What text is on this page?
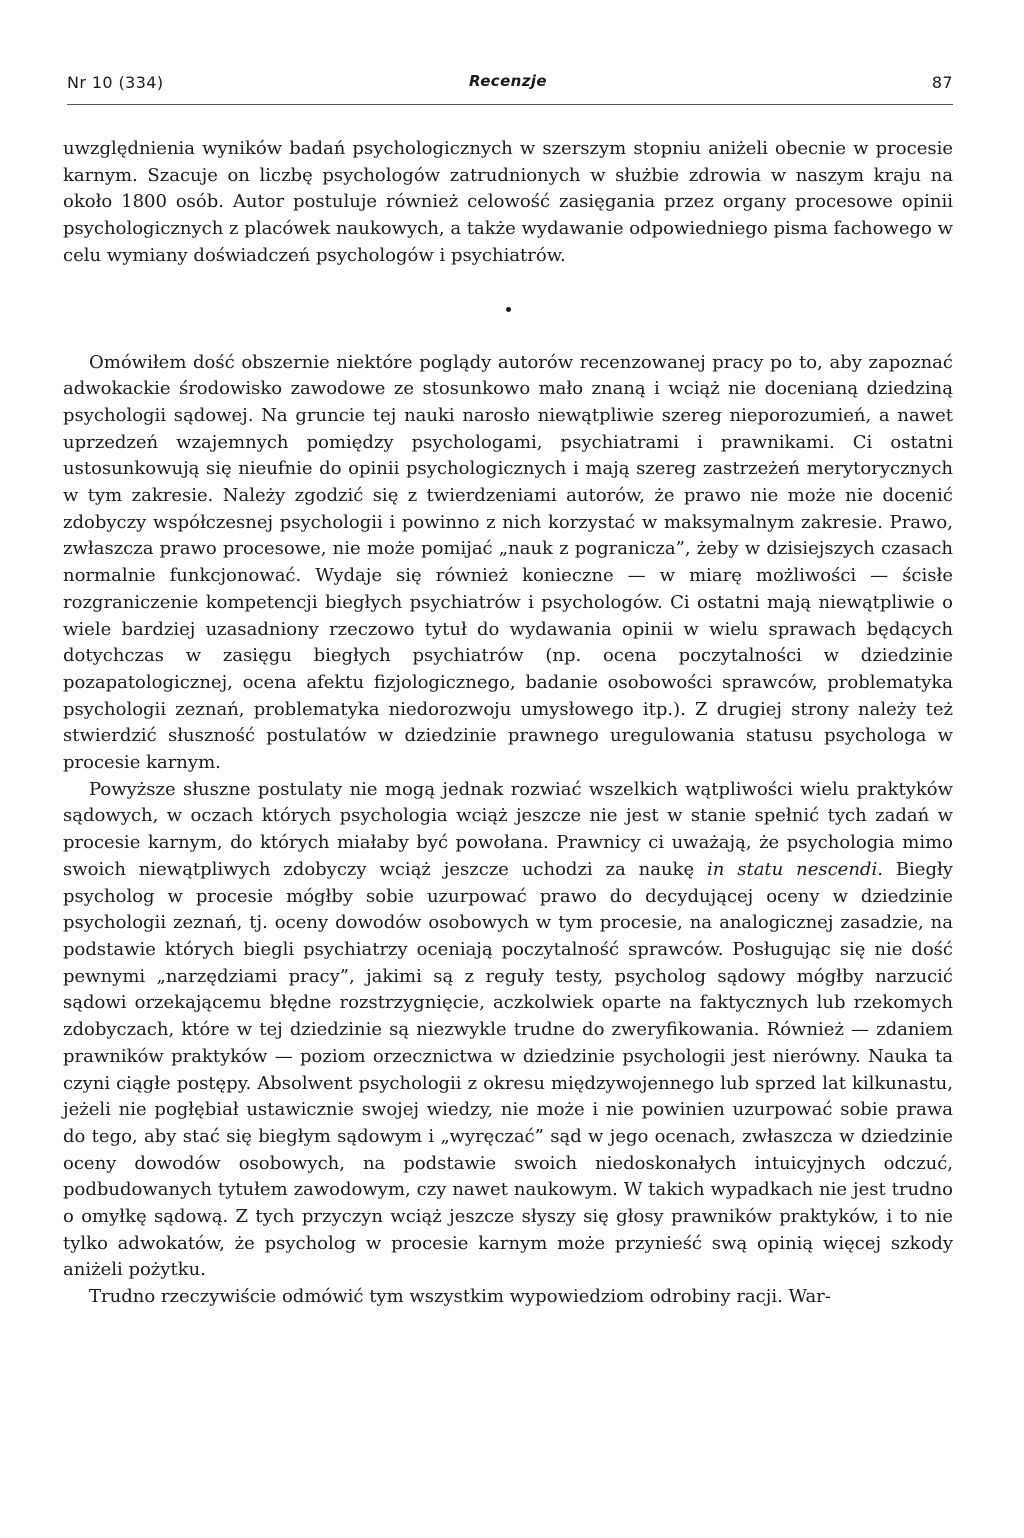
Nr 10 (334)	Recenzje	87

uwzględnienia wyników badań psychologicznych w szerszym stopniu aniżeli obecnie w procesie karnym. Szacuje on liczbę psychologów zatrudnionych w służbie zdrowia w naszym kraju na około 1800 osób. Autor postuluje również celowość zasięgania przez organy procesowe opinii psychologicznych z placówek naukowych, a także wydawanie odpowiedniego pisma fachowego w celu wymiany doświadczeń psychologów i psychiatrów.

Omówiłem dość obszernie niektóre poglądy autorów recenzowanej pracy po to, aby zapoznać adwokackie środowisko zawodowe ze stosunkowo mało znaną i wciąż nie docenianą dziedziną psychologii sądowej. Na gruncie tej nauki narosło niewątpliwie szereg nieporozumień, a nawet uprzedzeń wzajemnych pomiędzy psychologami, psychiatrami i prawnikami. Ci ostatni ustosunkowują się nieufnie do opinii psychologicznych i mają szereg zastrzeżeń merytorycznych w tym zakresie. Należy zgodzić się z twierdzeniami autorów, że prawo nie może nie docenić zdobyczy współczesnej psychologii i powinno z nich korzystać w maksymalnym zakresie. Prawo, zwłaszcza prawo procesowe, nie może pomijać „nauk z pogranicza”, żeby w dzisiejszych czasach normalnie funkcjonować. Wydaje się również konieczne — w miarę możliwości — ścisłe rozgraniczenie kompetencji biegłych psychiatrów i psychologów. Ci ostatni mają niewątpliwie o wiele bardziej uzasadniony rzeczowo tytuł do wydawania opinii w wielu sprawach będących dotychczas w zasięgu biegłych psychiatrów (np. ocena poczytalności w dziedzinie pozapatologicznej, ocena afektu fizjologicznego, badanie osobowości sprawców, problematyka psychologii zeznań, problematyka niedorozwoju umysłowego itp.). Z drugiej strony należy też stwierdzić słuszność postulatów w dziedzinie prawnego uregulowania statusu psychologa w procesie karnym.

Powyższe słuszne postulaty nie mogą jednak rozwiać wszelkich wątpliwości wielu praktyków sądowych, w oczach których psychologia wciąż jeszcze nie jest w stanie spełnić tych zadań w procesie karnym, do których miałaby być powołana. Prawnicy ci uważają, że psychologia mimo swoich niewątpliwych zdobyczy wciąż jeszcze uchodzi za naukę in statu nescendi. Biegły psycholog w procesie mógłby sobie uzurpować prawo do decydującej oceny w dziedzinie psychologii zeznań, tj. oceny dowodów osobowych w tym procesie, na analogicznej zasadzie, na podstawie których biegli psychiatrzy oceniają poczytalność sprawców. Posługując się nie dość pewnymi „narzędziami pracy”, jakimi są z reguły testy, psycholog sądowy mógłby narzucić sądowi orzekającemu błędne rozstrzygnięcie, aczkolwiek oparte na faktycznych lub rzekomych zdobyczach, które w tej dziedzinie są niezwykle trudne do zweryfikowania. Również — zdaniem prawników praktyków — poziom orzecznictwa w dziedzinie psychologii jest nierówny. Nauka ta czyni ciągłe postępy. Absolwent psychologii z okresu międzywojennego lub sprzed lat kilkunastu, jeżeli nie pogłębiał ustawicznie swojej wiedzy, nie może i nie powinien uzurpować sobie prawa do tego, aby stać się biegłym sądowym i „wyręczać” sąd w jego ocenach, zwłaszcza w dziedzinie oceny dowodów osobowych, na podstawie swoich niedoskonałych intuicyjnych odczuć, podbudowanych tytułem zawodowym, czy nawet naukowym. W takich wypadkach nie jest trudno o omyłkę sądową. Z tych przyczyn wciąż jeszcze słyszy się głosy prawników praktyków, i to nie tylko adwokatów, że psycholog w procesie karnym może przynieść swą opinią więcej szkody aniżeli pożytku.

Trudno rzeczywiście odmówić tym wszystkim wypowiedziom odrobiny racji. War-
